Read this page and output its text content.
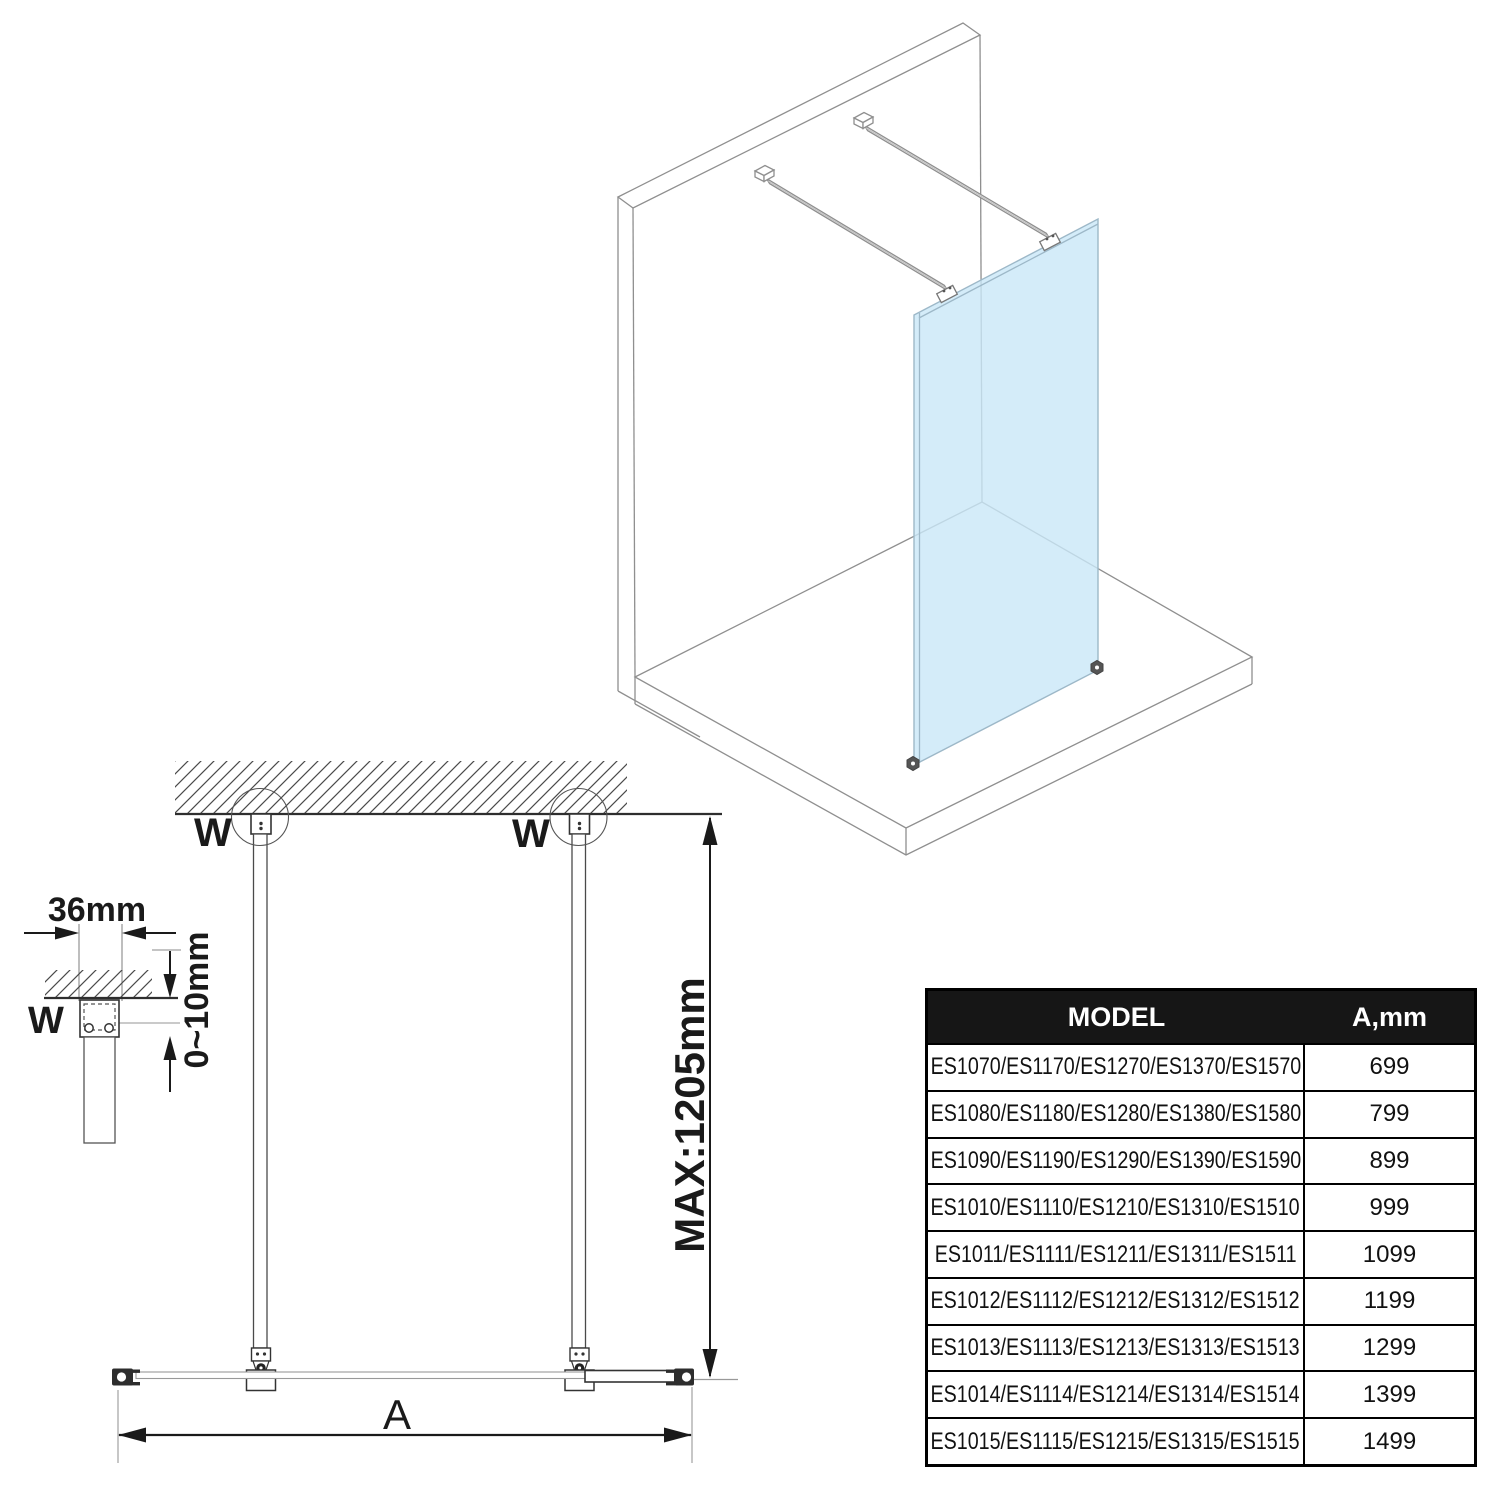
W	W
MAX:1205mm
A
36mm
W	0~10mm	MODEL	A,mm
ES1070/ES1170/ES1270/ES1370/ES1570	699
ES1080/ES1180/ES1280/ES1380/ES1580	799
ES1090/ES1190/ES1290/ES1390/ES1590	899
ES1010/ES1110/ES1210/ES1310/ES1510	999
ES1011/ES1111/ES1211/ES1311/ES1511	1099
ES1012/ES1112/ES1212/ES1312/ES1512	1199
ES1013/ES1113/ES1213/ES1313/ES1513	1299
ES1014/ES1114/ES1214/ES1314/ES1514	1399
ES1015/ES1115/ES1215/ES1315/ES1515	1499
